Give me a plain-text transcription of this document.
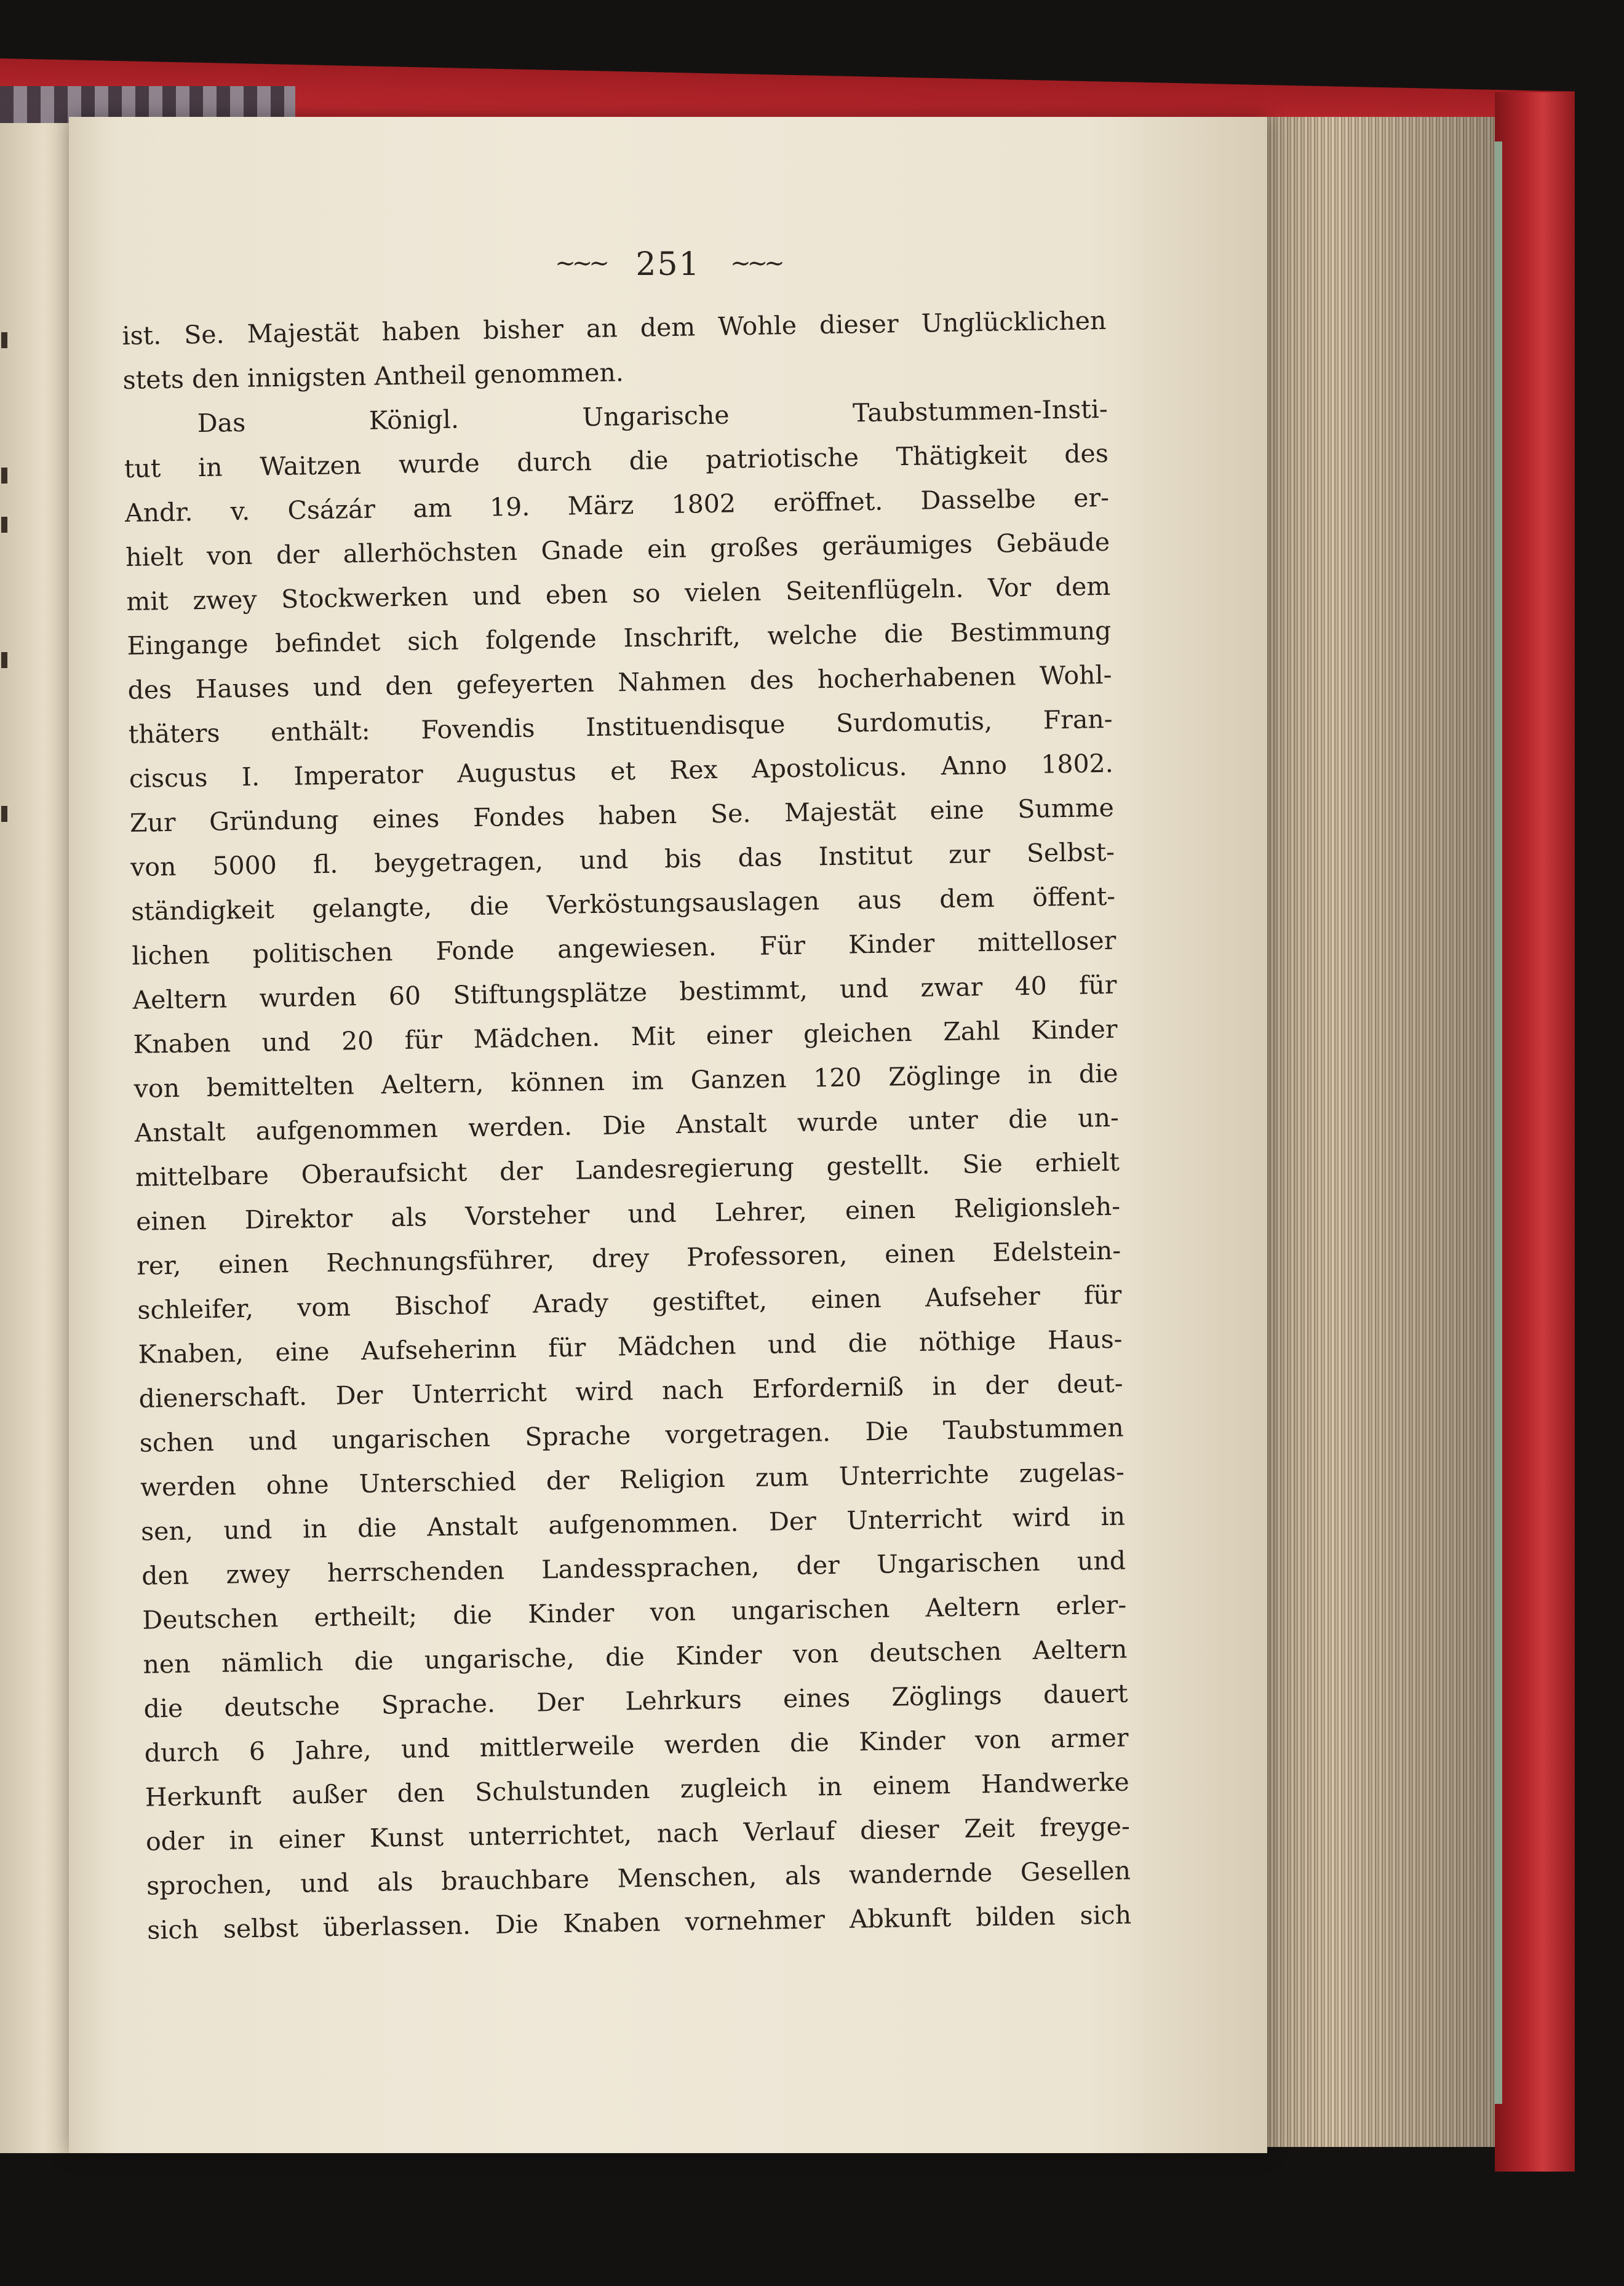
~~~ 251 ~~~
ist. Se. Majestät haben bisher an dem Wohle dieser Unglücklichen
stets den innigsten Antheil genommen.
Das Königl. Ungarische Taubstummen-Insti-
tut in Waitzen wurde durch die patriotische Thätigkeit des
Andr. v. Csázár am 19. März 1802 eröffnet. Dasselbe er-
hielt von der allerhöchsten Gnade ein großes geräumiges Gebäude
mit zwey Stockwerken und eben so vielen Seitenflügeln. Vor dem
Eingange befindet sich folgende Inschrift, welche die Bestimmung
des Hauses und den gefeyerten Nahmen des hocherhabenen Wohl-
thäters enthält: Fovendis Instituendisque Surdomutis, Fran-
ciscus I. Imperator Augustus et Rex Apostolicus. Anno 1802.
Zur Gründung eines Fondes haben Se. Majestät eine Summe
von 5000 fl. beygetragen, und bis das Institut zur Selbst-
ständigkeit gelangte, die Verköstungsauslagen aus dem öffent-
lichen politischen Fonde angewiesen. Für Kinder mittelloser
Aeltern wurden 60 Stiftungsplätze bestimmt, und zwar 40 für
Knaben und 20 für Mädchen. Mit einer gleichen Zahl Kinder
von bemittelten Aeltern, können im Ganzen 120 Zöglinge in die
Anstalt aufgenommen werden. Die Anstalt wurde unter die un-
mittelbare Oberaufsicht der Landesregierung gestellt. Sie erhielt
einen Direktor als Vorsteher und Lehrer, einen Religionsleh-
rer, einen Rechnungsführer, drey Professoren, einen Edelstein-
schleifer, vom Bischof Arady gestiftet, einen Aufseher für
Knaben, eine Aufseherinn für Mädchen und die nöthige Haus-
dienerschaft. Der Unterricht wird nach Erforderniß in der deut-
schen und ungarischen Sprache vorgetragen. Die Taubstummen
werden ohne Unterschied der Religion zum Unterrichte zugelas-
sen, und in die Anstalt aufgenommen. Der Unterricht wird in
den zwey herrschenden Landessprachen, der Ungarischen und
Deutschen ertheilt; die Kinder von ungarischen Aeltern erler-
nen nämlich die ungarische, die Kinder von deutschen Aeltern
die deutsche Sprache. Der Lehrkurs eines Zöglings dauert
durch 6 Jahre, und mittlerweile werden die Kinder von armer
Herkunft außer den Schulstunden zugleich in einem Handwerke
oder in einer Kunst unterrichtet, nach Verlauf dieser Zeit freyge-
sprochen, und als brauchbare Menschen, als wandernde Gesellen
sich selbst überlassen. Die Knaben vornehmer Abkunft bilden sich
